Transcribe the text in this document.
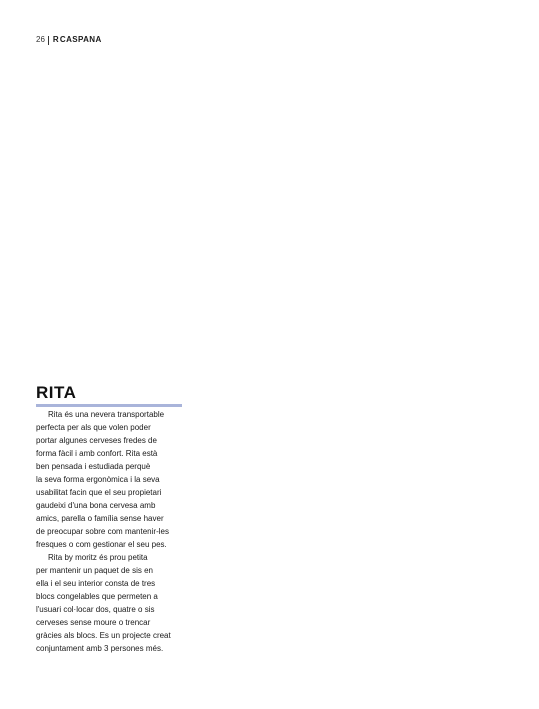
26 R CASPANA
RITA

Rita és una nevera transportable
perfecta per als que volen poder
portar algunes cerveses fredes de
forma fàcil i amb confort. Rita està
ben pensada i estudiada perquè
la seva forma ergonòmica i la seva
usabilitat facin que el seu propietari
gaudeixi d'una bona cervesa amb
amics, parella o família sense haver
de preocupar sobre com mantenir-les
fresques o com gestionar el seu pes.

Rita by moritz és prou petita
per mantenir un paquet de sis en
ella i el seu interior consta de tres
blocs congelables que permeten a
l'usuari col·locar dos, quatre o sis
cerveses sense moure o trencar
gràcies als blocs. Es un projecte creat
conjuntament amb 3 persones més.
